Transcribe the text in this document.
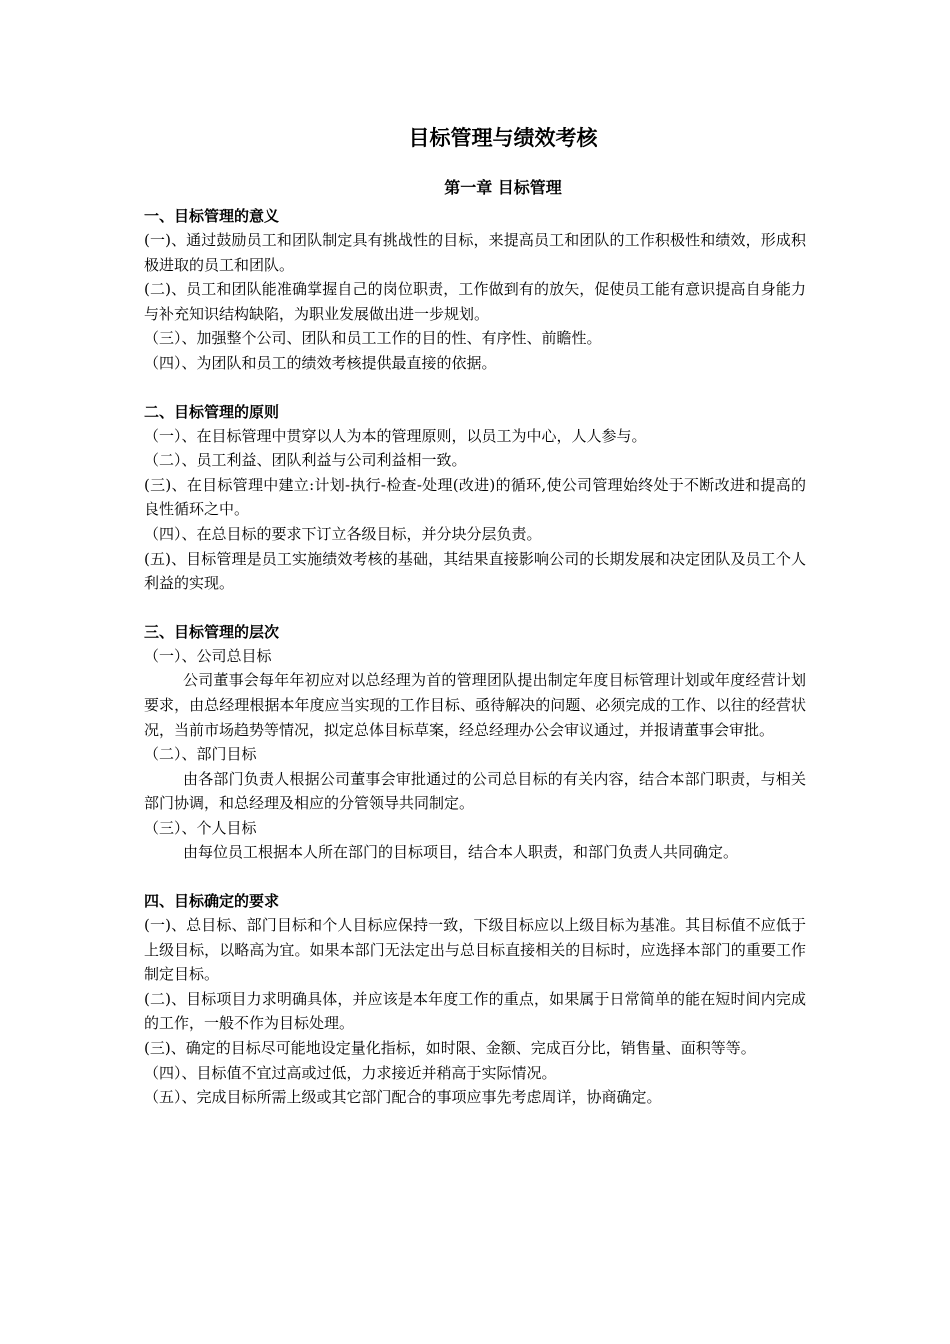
目标管理与绩效考核
第一章 目标管理
一、目标管理的意义

(一)、通过鼓励员工和团队制定具有挑战性的目标，来提高员工和团队的工作积极性和绩效，形成积极进取的员工和团队。

(二)、员工和团队能准确掌握自己的岗位职责，工作做到有的放矢，促使员工能有意识提高自身能力与补充知识结构缺陷，为职业发展做出进一步规划。

（三）、加强整个公司、团队和员工工作的目的性、有序性、前瞻性。

（四）、为团队和员工的绩效考核提供最直接的依据。

二、目标管理的原则

（一）、在目标管理中贯穿以人为本的管理原则，以员工为中心，人人参与。

（二）、员工利益、团队利益与公司利益相一致。

(三)、在目标管理中建立:计划-执行-检查-处理(改进)的循环,使公司管理始终处于不断改进和提高的良性循环之中。

（四）、在总目标的要求下订立各级目标，并分块分层负责。

(五)、目标管理是员工实施绩效考核的基础，其结果直接影响公司的长期发展和决定团队及员工个人利益的实现。

三、目标管理的层次

（一）、公司总目标

公司董事会每年年初应对以总经理为首的管理团队提出制定年度目标管理计划或年度经营计划要求，由总经理根据本年度应当实现的工作目标、亟待解决的问题、必须完成的工作、以往的经营状况，当前市场趋势等情况，拟定总体目标草案，经总经理办公会审议通过，并报请董事会审批。

（二）、部门目标

由各部门负责人根据公司董事会审批通过的公司总目标的有关内容，结合本部门职责，与相关部门协调，和总经理及相应的分管领导共同制定。

（三）、个人目标

由每位员工根据本人所在部门的目标项目，结合本人职责，和部门负责人共同确定。

四、目标确定的要求

(一)、总目标、部门目标和个人目标应保持一致，下级目标应以上级目标为基准。其目标值不应低于上级目标，以略高为宜。如果本部门无法定出与总目标直接相关的目标时，应选择本部门的重要工作制定目标。

(二)、目标项目力求明确具体，并应该是本年度工作的重点，如果属于日常简单的能在短时间内完成的工作，一般不作为目标处理。

(三)、确定的目标尽可能地设定量化指标，如时限、金额、完成百分比，销售量、面积等等。

（四）、目标值不宜过高或过低，力求接近并稍高于实际情况。

（五）、完成目标所需上级或其它部门配合的事项应事先考虑周详，协商确定。
